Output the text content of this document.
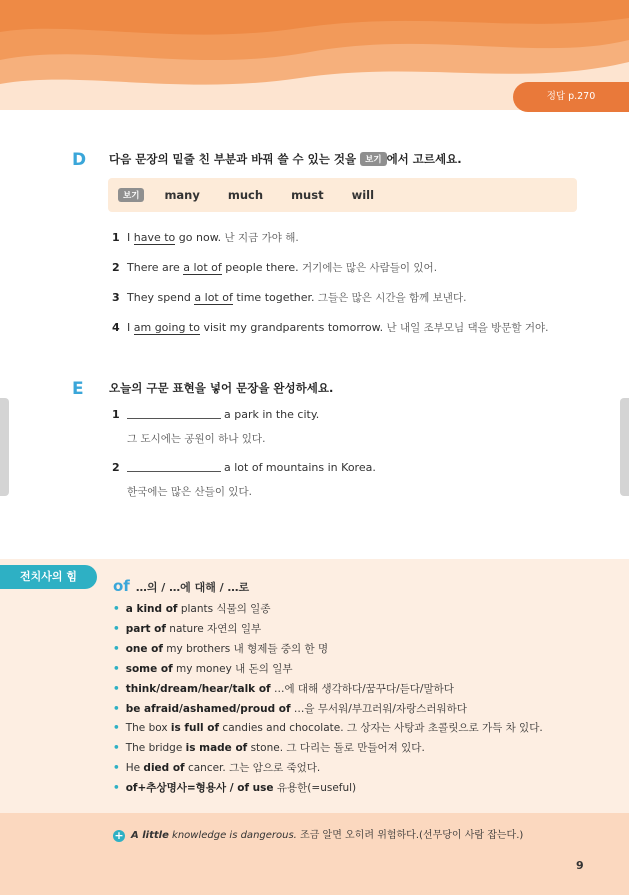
정답 p.270
D 다음 문장의 밑줄 친 부분과 바꿔 쓸 수 있는 것을 보기 에서 고르세요.
보기	many much must will
1 I have to go now. 난 지금 가야 해.
2 There are a lot of people there. 거기에는 많은 사람들이 있어.
3 They spend a lot of time together. 그들은 많은 시간을 함께 보낸다.
4 I am going to visit my grandparents tomorrow. 난 내일 조부모님 댁을 방문할 거야.
E 오늘의 구문 표현을 넣어 문장을 완성하세요.
1	a park in the city.
그 도시에는 공원이 하나 있다.
2	a lot of mountains in Korea.
한국에는 많은 산들이 있다.
전치사의 힘
of …의 / …에 대해 / …로
• a kind of plants 식물의 일종
• part of nature 자연의 일부
• one of my brothers 내 형제들 중의 한 명
• some of my money 내 돈의 일부
• think/dream/hear/talk of …에 대해 생각하다/꿈꾸다/듣다/말하다
• be afraid/ashamed/proud of …을 무서워/부끄러워/자랑스러워하다
• The box is full of candies and chocolate. 그 상자는 사탕과 초콜릿으로 가득 차 있다.
• The bridge is made of stone. 그 다리는 돌로 만들어져 있다.
• He died of cancer. 그는 암으로 죽었다.
• of+추상명사=형용사 / of use 유용한(=useful)
+ A little knowledge is dangerous. 조금 알면 오히려 위험하다.(선무당이 사람 잡는다.)
9
